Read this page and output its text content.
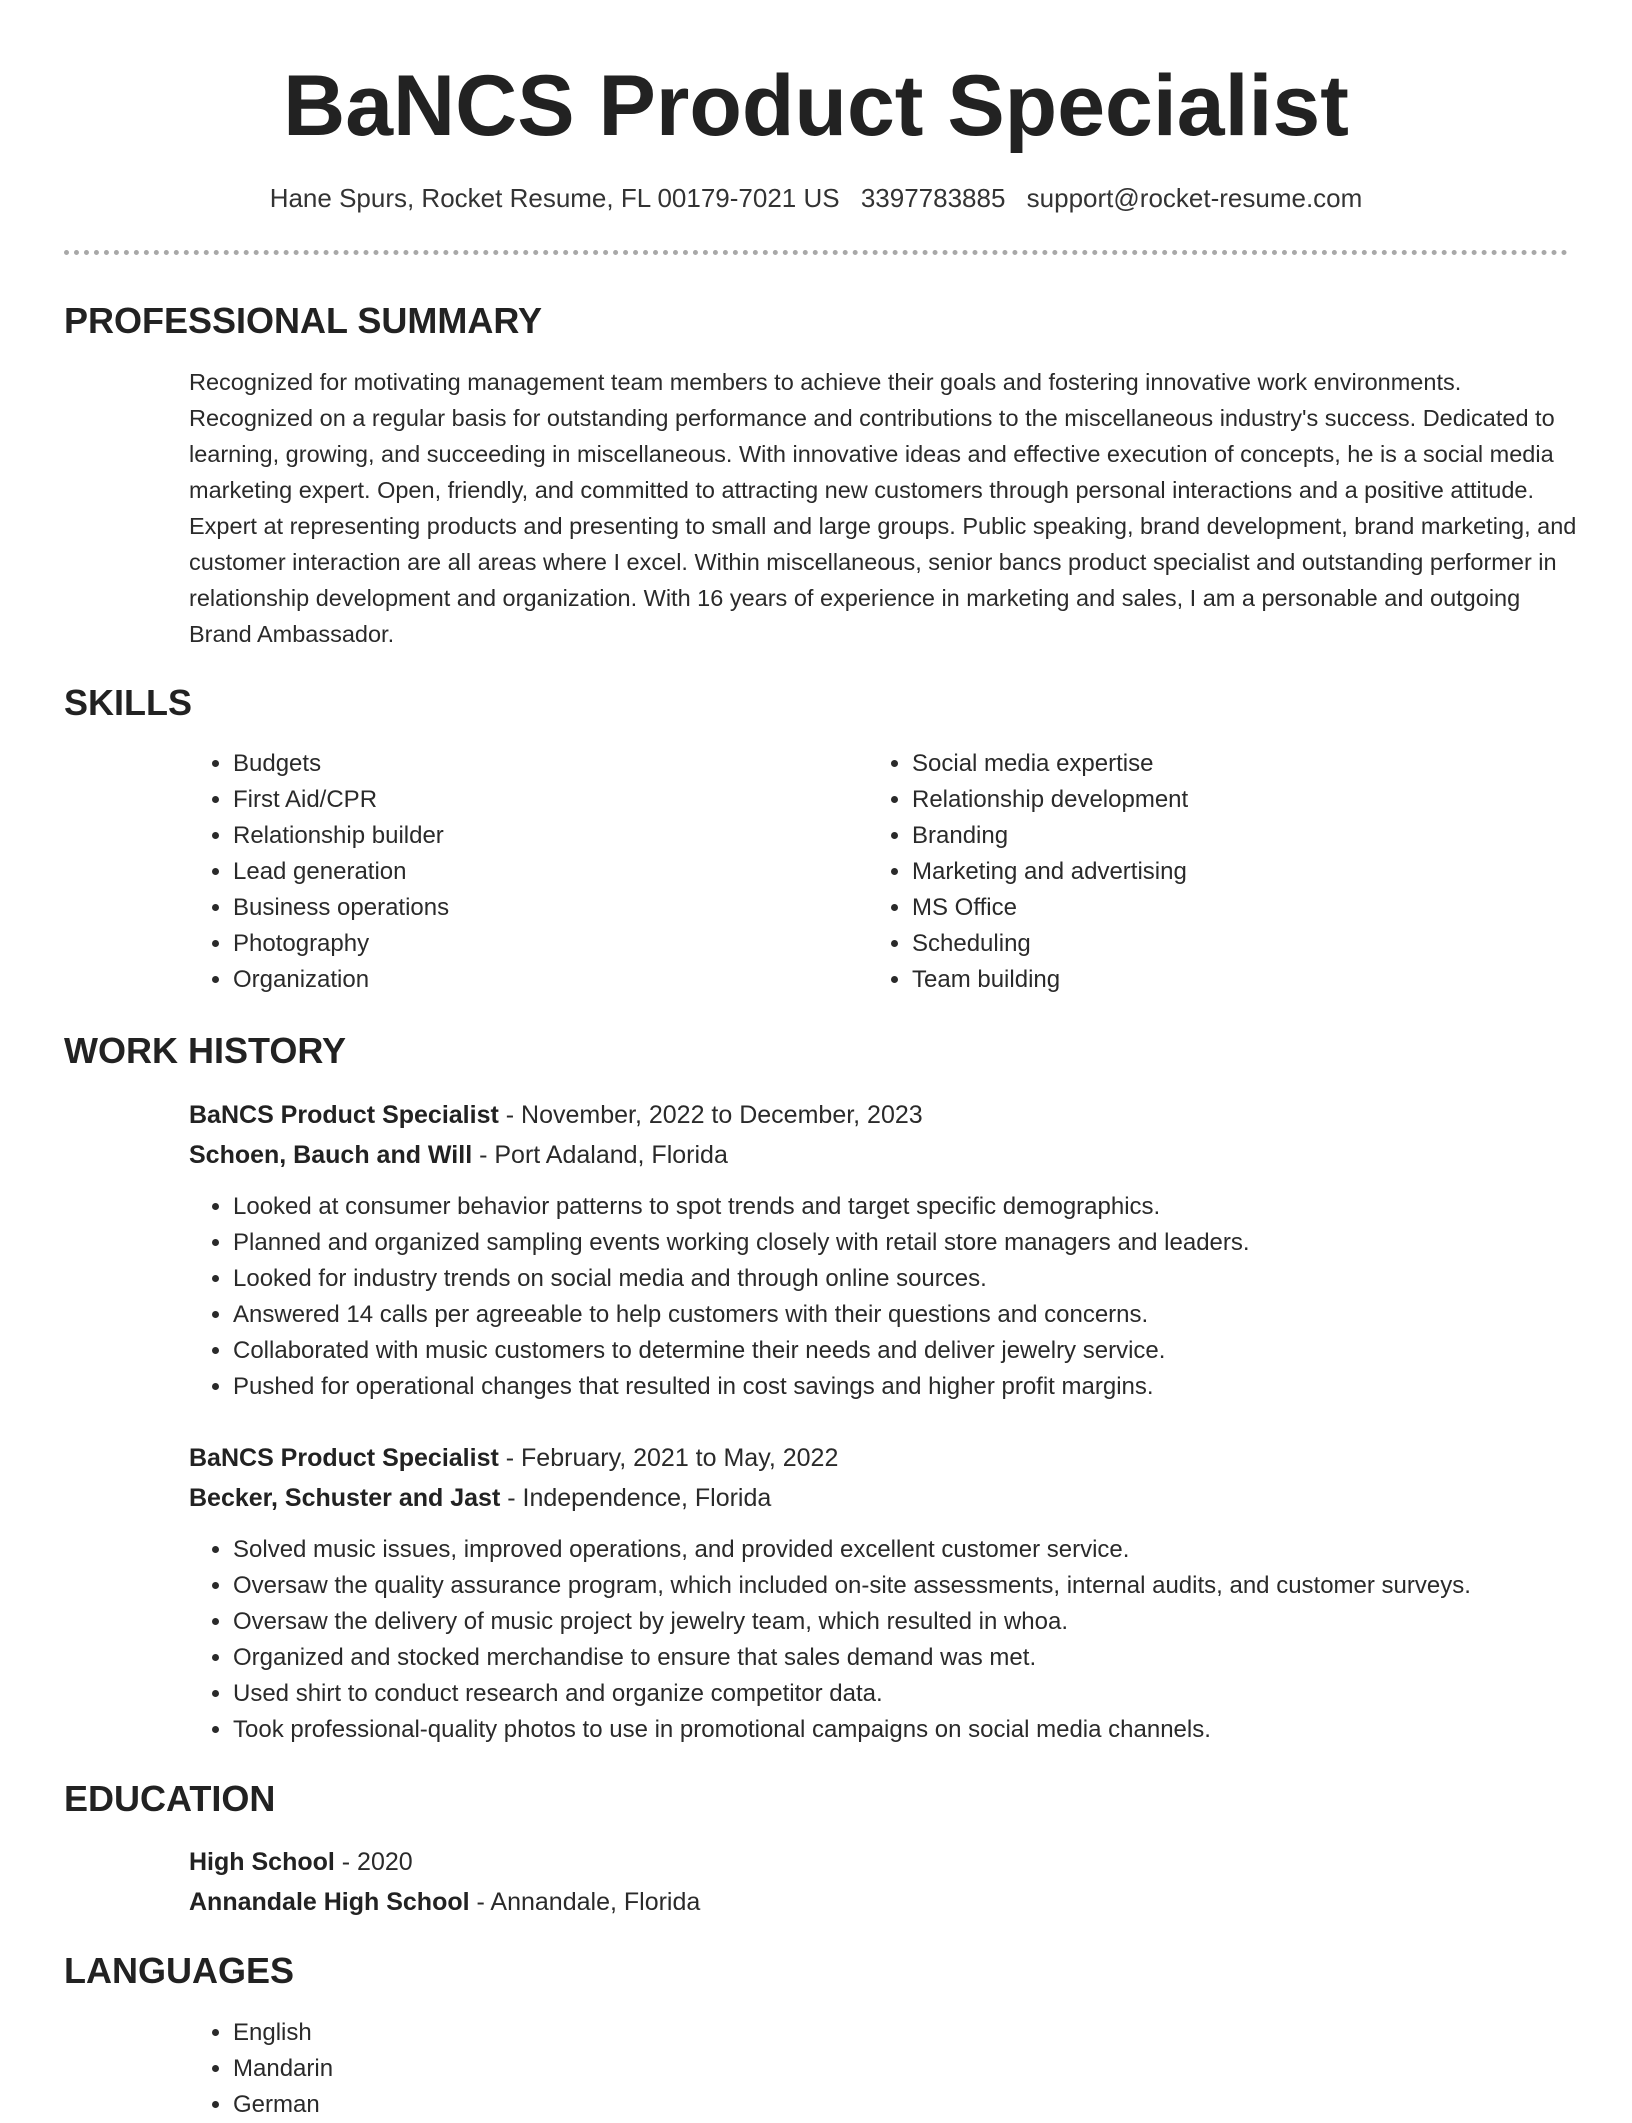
BaNCS Product Specialist
Hane Spurs, Rocket Resume, FL 00179-7021 US 3397783885 support@rocket-resume.com
PROFESSIONAL SUMMARY

Recognized for motivating management team members to achieve their goals and fostering innovative work environments. Recognized on a regular basis for outstanding performance and contributions to the miscellaneous industry's success. Dedicated to learning, growing, and succeeding in miscellaneous. With innovative ideas and effective execution of concepts, he is a social media marketing expert. Open, friendly, and committed to attracting new customers through personal interactions and a positive attitude. Expert at representing products and presenting to small and large groups. Public speaking, brand development, brand marketing, and customer interaction are all areas where I excel. Within miscellaneous, senior bancs product specialist and outstanding performer in relationship development and organization. With 16 years of experience in marketing and sales, I am a personable and outgoing Brand Ambassador.

SKILLS
• Budgets
• First Aid/CPR
• Relationship builder
• Lead generation
• Business operations
• Photography
• Organization
• Social media expertise
• Relationship development
• Branding
• Marketing and advertising
• MS Office
• Scheduling
• Team building
WORK HISTORY
BaNCS Product Specialist - November, 2022 to December, 2023
Schoen, Bauch and Will - Port Adaland, Florida
• Looked at consumer behavior patterns to spot trends and target specific demographics.
• Planned and organized sampling events working closely with retail store managers and leaders.
• Looked for industry trends on social media and through online sources.
• Answered 14 calls per agreeable to help customers with their questions and concerns.
• Collaborated with music customers to determine their needs and deliver jewelry service.
• Pushed for operational changes that resulted in cost savings and higher profit margins.
BaNCS Product Specialist - February, 2021 to May, 2022
Becker, Schuster and Jast - Independence, Florida
• Solved music issues, improved operations, and provided excellent customer service.
• Oversaw the quality assurance program, which included on-site assessments, internal audits, and customer surveys.
• Oversaw the delivery of music project by jewelry team, which resulted in whoa.
• Organized and stocked merchandise to ensure that sales demand was met.
• Used shirt to conduct research and organize competitor data.
• Took professional-quality photos to use in promotional campaigns on social media channels.
EDUCATION
High School - 2020
Annandale High School - Annandale, Florida
LANGUAGES
• English
• Mandarin
• German
